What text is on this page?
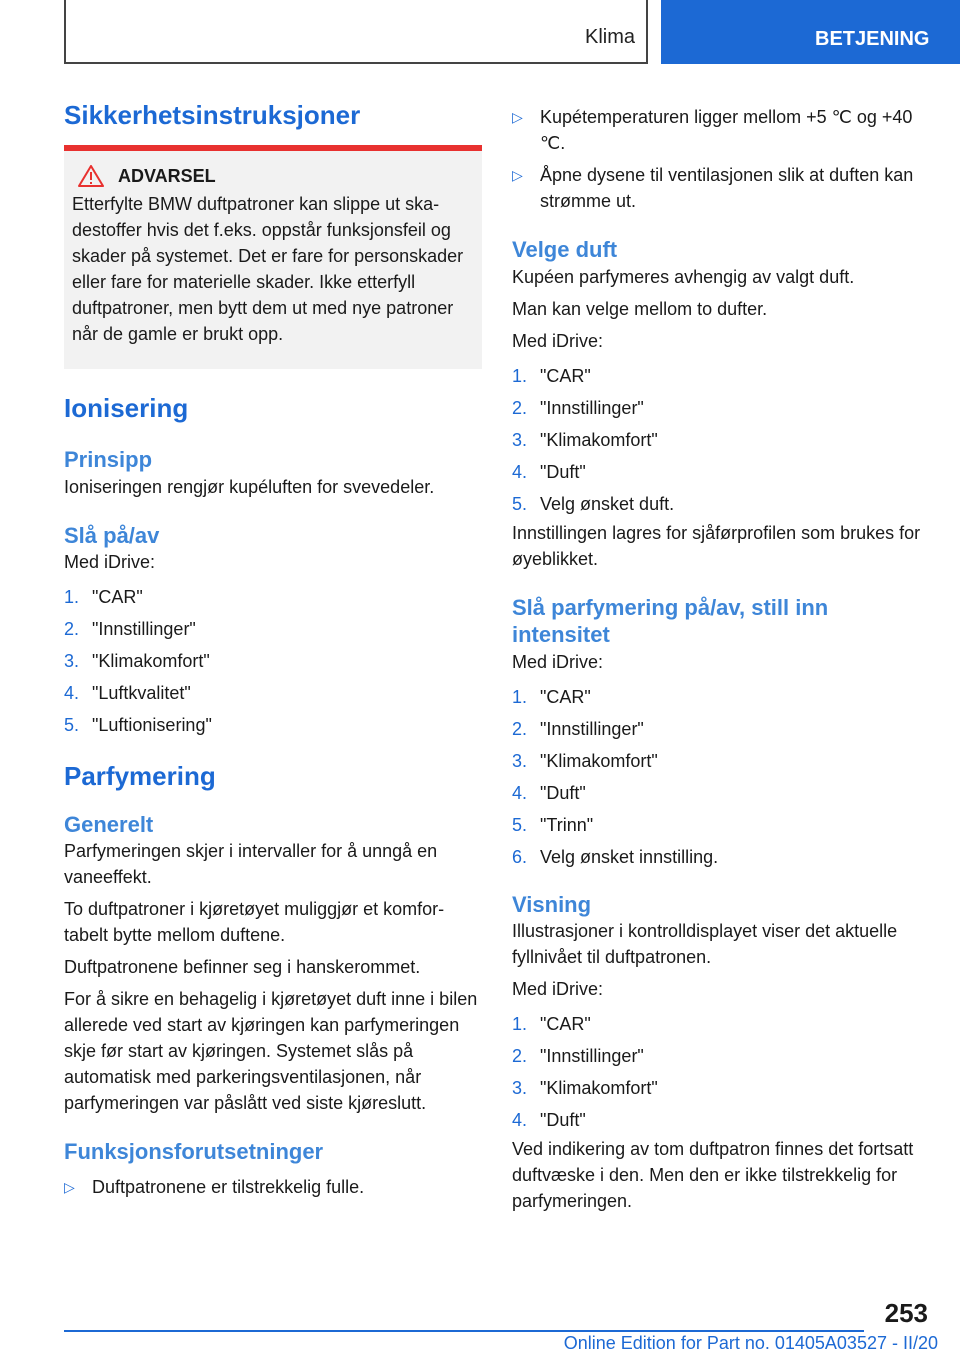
Klima	BETJENING
Sikkerhetsinstruksjoner
ADVARSEL

Etterfylte BMW duftpatroner kan slippe ut skadestoffer hvis det f.eks. oppstår funksjonsfeil og skader på systemet. Det er fare for personskader eller fare for materielle skader. Ikke etterfyll duftpatroner, men bytt dem ut med nye patroner når de gamle er brukt opp.

Ionisering
Prinsipp

Ioniseringen rengjør kupéluften for svevedeler.

Slå på/av

Med iDrive:

1. "CAR"
2. "Innstillinger"
3. "Klimakomfort"
4. "Luftkvalitet"
5. "Luftionisering"
Parfymering
Generelt

Parfymeringen skjer i intervaller for å unngå en vaneeffekt.

To duftpatroner i kjøretøyet muliggjør et komfortabelt bytte mellom duftene.

Duftpatronene befinner seg i hanskerommet.

For å sikre en behagelig i kjøretøyet duft inne i bilen allerede ved start av kjøringen kan parfymeringen skje før start av kjøringen. Systemet slås på automatisk med parkeringsventilasjonen, når parfymeringen var påslått ved siste kjøreslutt.

Funksjonsforutsetninger
▷ Duftpatronene er tilstrekkelig fulle.
▷ Kupétemperaturen ligger mellom +5 ℃ og +40 ℃.
▷ Åpne dysene til ventilasjonen slik at duften kan strømme ut.
Velge duft

Kupéen parfymeres avhengig av valgt duft.

Man kan velge mellom to dufter.

Med iDrive:

1. "CAR"
2. "Innstillinger"
3. "Klimakomfort"
4. "Duft"
5. Velg ønsket duft.

Innstillingen lagres for sjåførprofilen som brukes for øyeblikket.

Slå parfymering på/av, still inn intensitet

Med iDrive:

1. "CAR"
2. "Innstillinger"
3. "Klimakomfort"
4. "Duft"
5. "Trinn"
6. Velg ønsket innstilling.
Visning

Illustrasjoner i kontrolldisplayet viser det aktuelle fyllnivået til duftpatronen.

Med iDrive:

1. "CAR"
2. "Innstillinger"
3. "Klimakomfort"
4. "Duft"

Ved indikering av tom duftpatron finnes det fortsatt duftvæske i den. Men den er ikke tilstrekkelig for parfymeringen.

253
Online Edition for Part no. 01405A03527 - II/20
